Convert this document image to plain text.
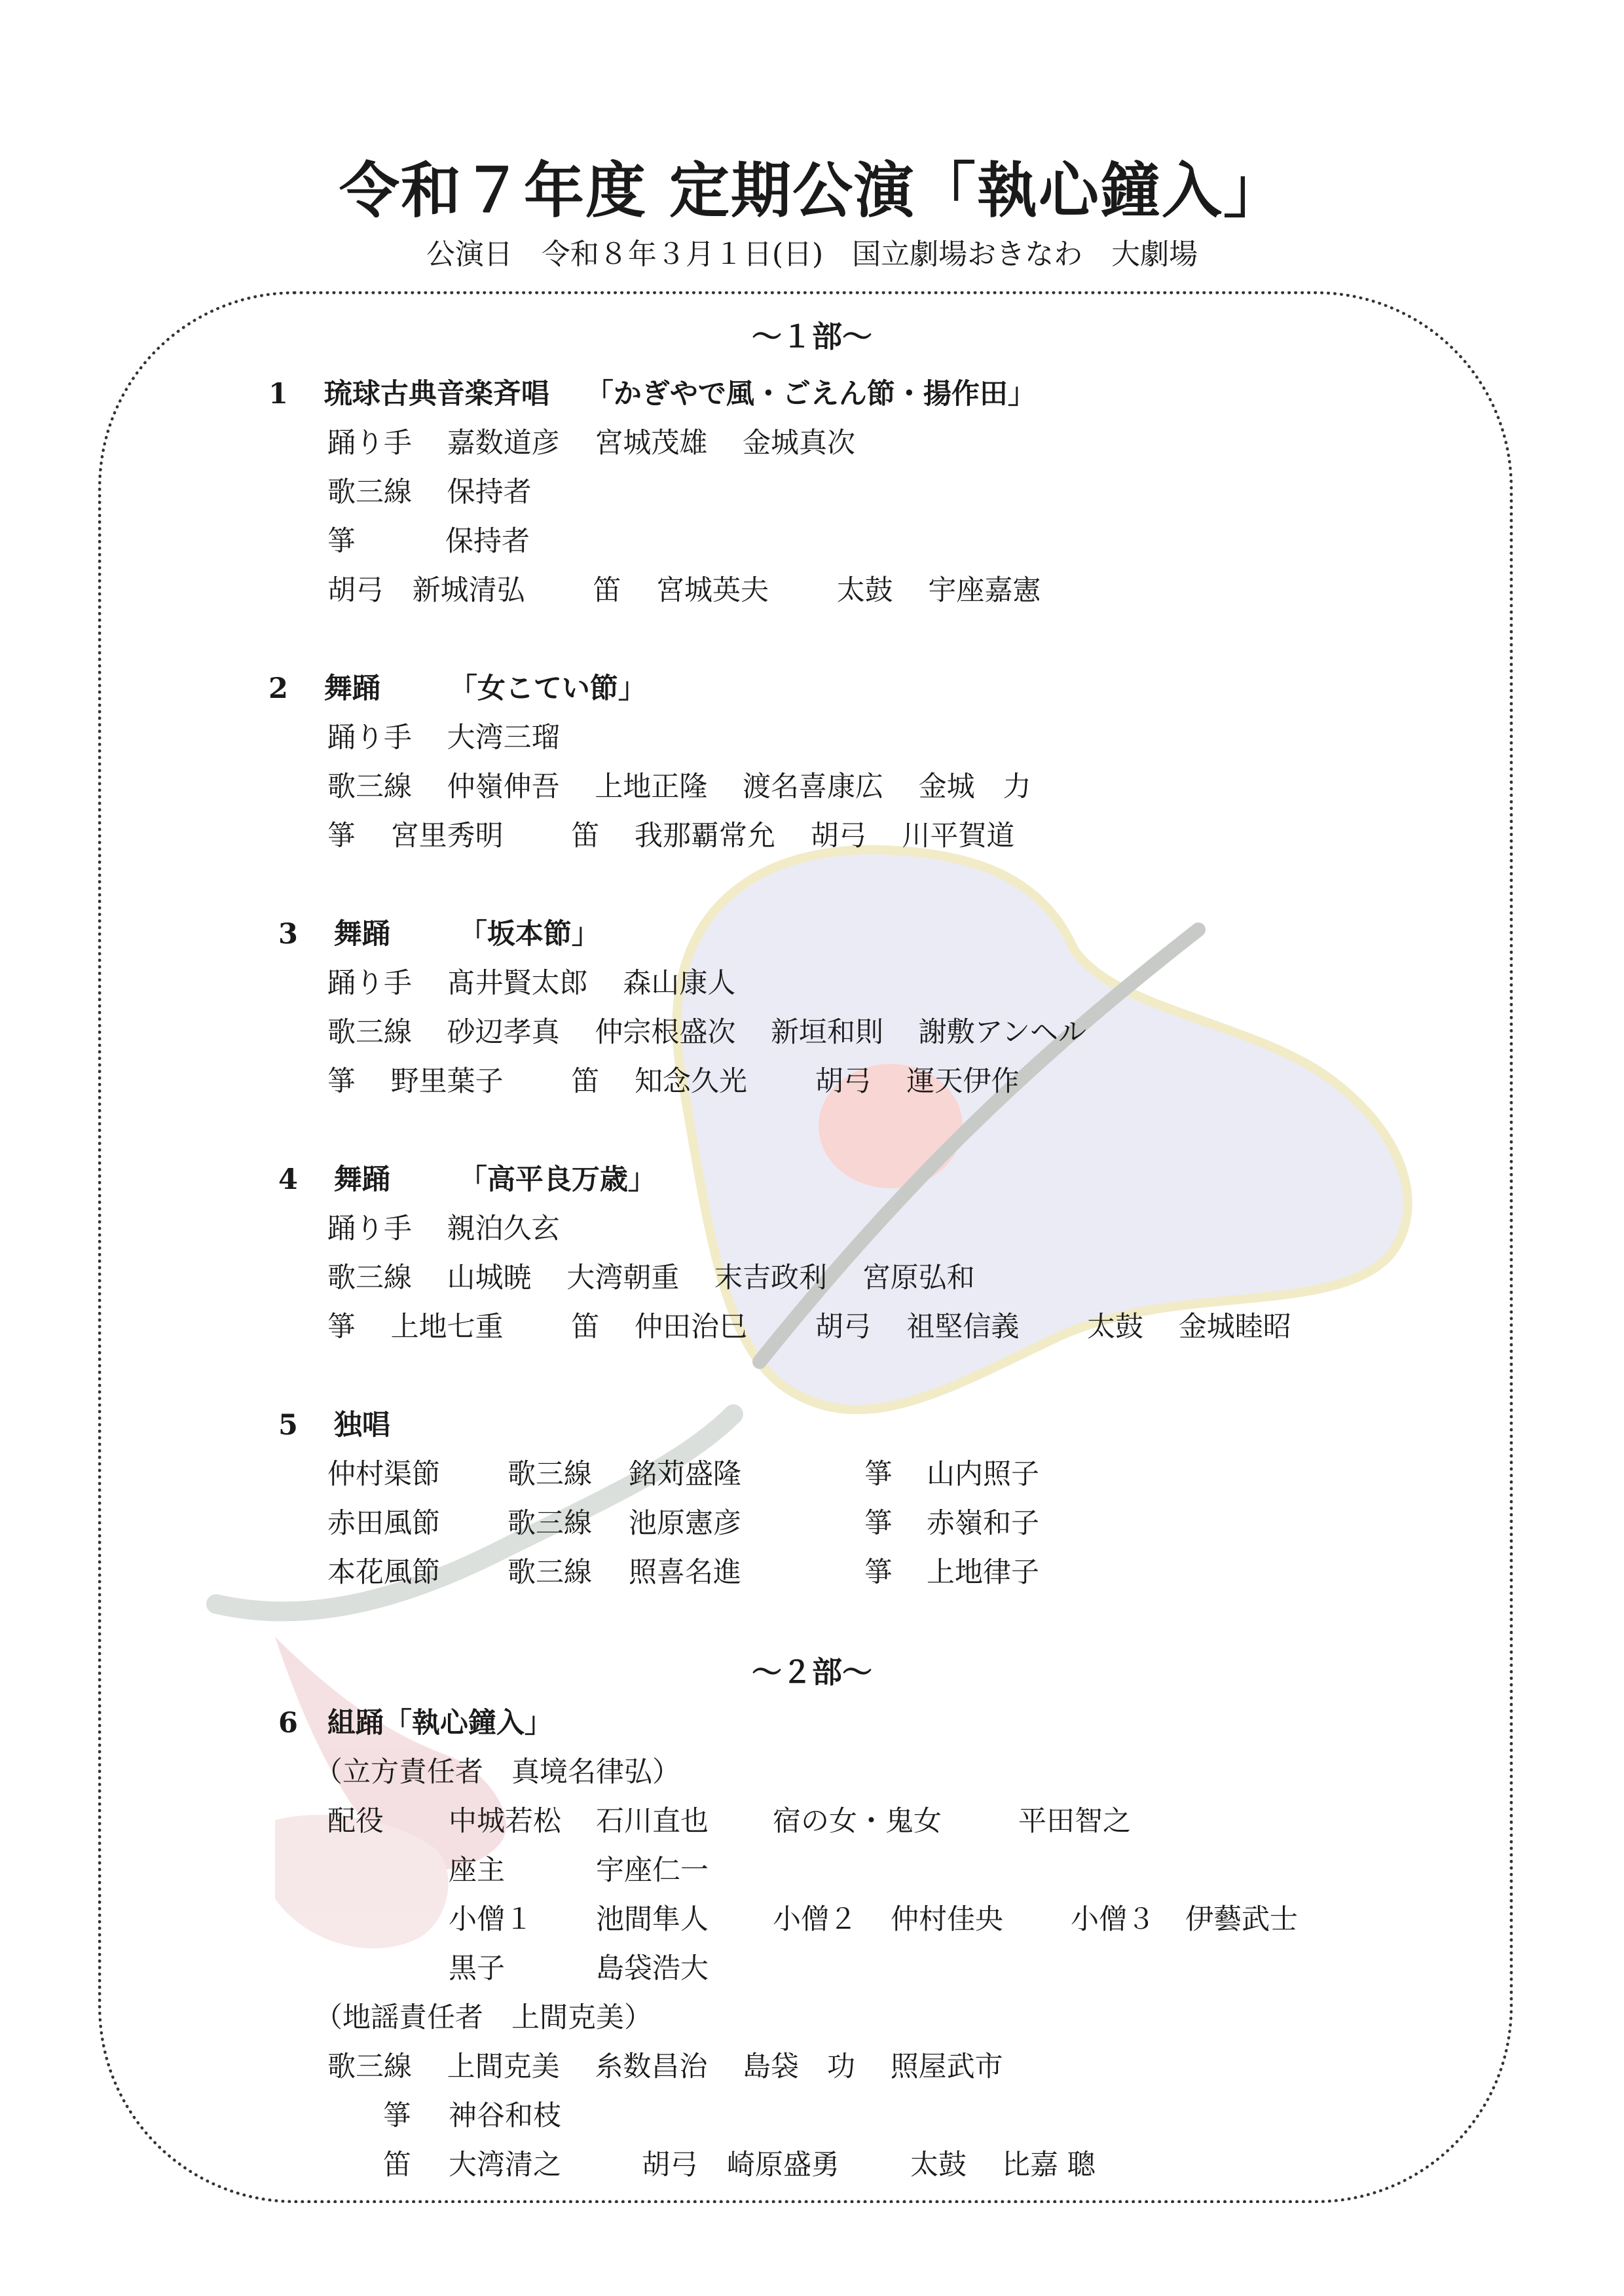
令和７年度 定期公演「執心鐘入」
公演日　令和８年３月１日(日)　国立劇場おきなわ　大劇場
～１部～
1 琉球古典音楽斉唱 「かぎやで風・ごえん節・揚作田」
踊り手 嘉数道彦 宮城茂雄 金城真次
歌三線 保持者
箏	保持者
胡弓 新城清弘 笛 宮城英夫 太鼓 宇座嘉憲
2 舞踊 「女こてい節」
踊り手 大湾三瑠
歌三線 仲嶺伸吾 上地正隆 渡名喜康広 金城　力
箏 宮里秀明 笛 我那覇常允 胡弓 川平賀道
3 舞踊 「坂本節」
踊り手 髙井賢太郎 森山康人
歌三線 砂辺孝真 仲宗根盛次 新垣和則 謝敷アンヘル
箏 野里葉子 笛 知念久光 胡弓 運天伊作
4 舞踊 「高平良万歳」
踊り手 親泊久玄
歌三線 山城暁 大湾朝重 末吉政利 宮原弘和
箏 上地七重 笛 仲田治巳 胡弓 祖堅信義 太鼓 金城睦昭
5 独唱
仲村渠節 歌三線 銘苅盛隆	箏 山内照子
赤田風節 歌三線 池原憲彦	箏 赤嶺和子
本花風節 歌三線 照喜名進	箏 上地律子
～２部～
6 組踊「執心鐘入」
（立方責任者　真境名律弘）
配役 中城若松 石川直也 宿の女・鬼女	平田智之
座主	宇座仁一
小僧１ 池間隼人 小僧２ 仲村佳央 小僧３ 伊藝武士
黒子	島袋浩大
（地謡責任者　上間克美）
歌三線 上間克美 糸数昌治 島袋　功 照屋武市
箏 神谷和枝
笛 大湾清之	胡弓 崎原盛勇	太鼓 比嘉 聰
